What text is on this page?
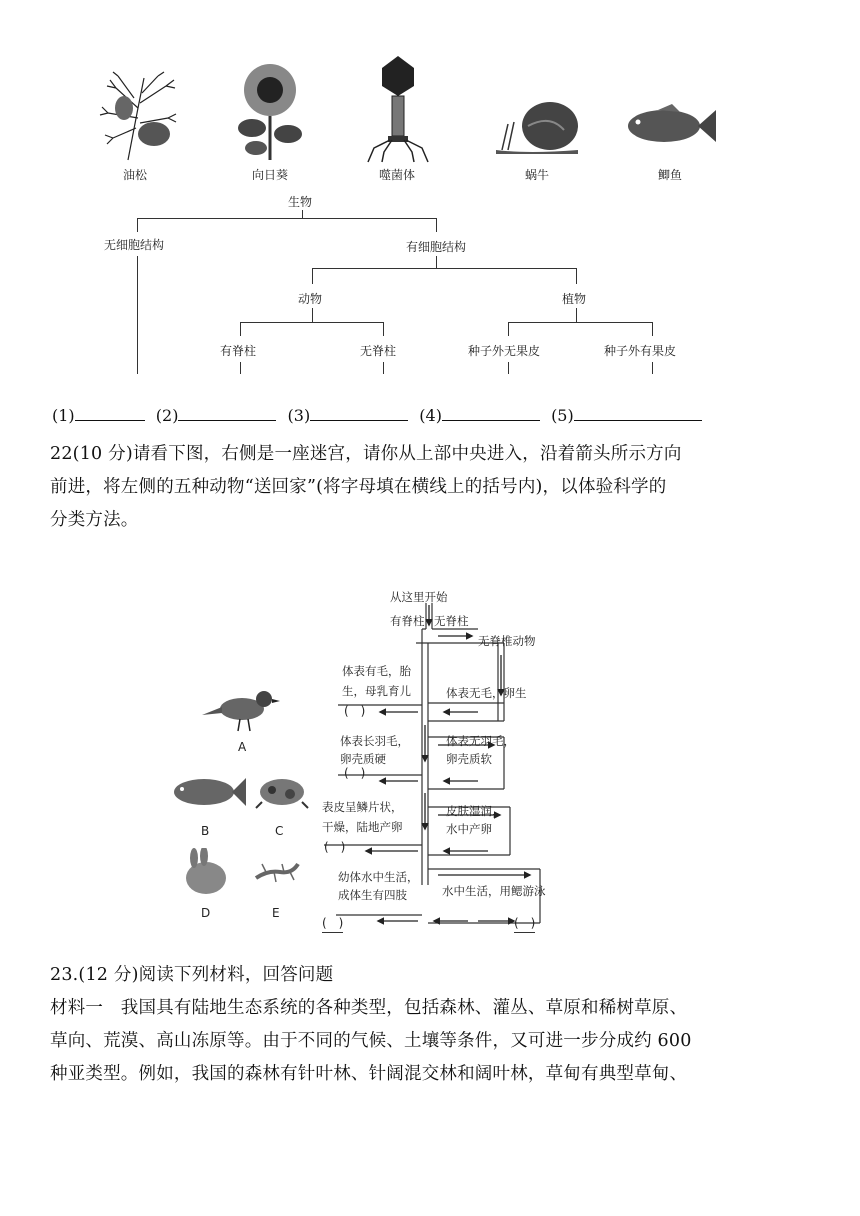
油松	向日葵	噬菌体	蜗牛	鲫鱼
生物
无细胞结构	有细胞结构
动物	植物
有脊柱	无脊柱	种子外无果皮	种子外有果皮
(1)	(2)	(3)	(4)	(5)
22(10 分)请看下图，右侧是一座迷宫，请你从上部中央进入，沿着箭头所示方向
前进，将左侧的五种动物“送回家”(将字母填在横线上的括号内)，以体验科学的
分类方法。
A
B	C
D	E
从这里开始
有脊柱 无脊柱
无脊椎动物
体表有毛，胎
生，母乳育儿	体表无毛，卵生
(　)
体表长羽毛，
卵壳质硬
体表无羽毛，
卵壳质软
(　)
表皮呈鳞片状，
干燥，陆地产卵
皮肤湿润，
水中产卵
(　)
幼体水中生活，
成体生有四肢	水中生活，用鳃游泳
(　)	(　)
23.(12 分)阅读下列材料，回答问题
材料一　我国具有陆地生态系统的各种类型，包括森林、灌丛、草原和稀树草原、
草向、荒漠、高山冻原等。由于不同的气候、土壤等条件，又可进一步分成约 600
种亚类型。例如，我国的森林有针叶林、针阔混交林和阔叶林，草甸有典型草甸、
